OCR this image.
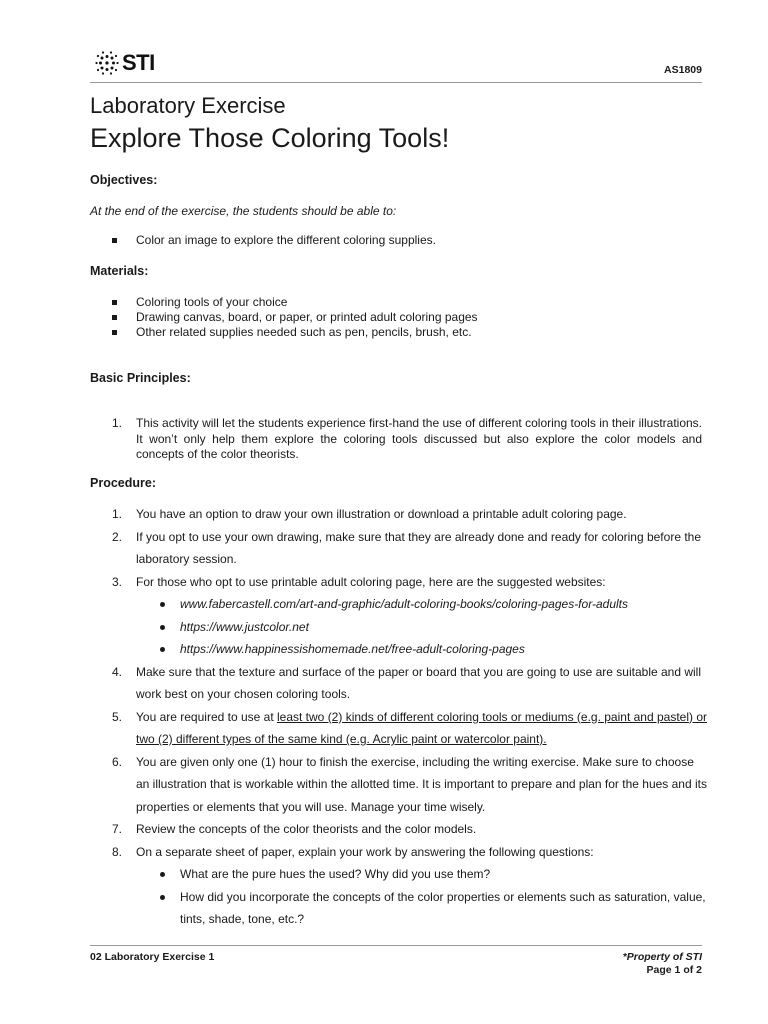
STI	AS1809
Laboratory Exercise
Explore Those Coloring Tools!
Objectives:
At the end of the exercise, the students should be able to:
Color an image to explore the different coloring supplies.
Materials:
Coloring tools of your choice
Drawing canvas, board, or paper, or printed adult coloring pages
Other related supplies needed such as pen, pencils, brush, etc.
Basic Principles:
1. This activity will let the students experience first-hand the use of different coloring tools in their illustrations. It won’t only help them explore the coloring tools discussed but also explore the color models and concepts of the color theorists.
Procedure:
1. You have an option to draw your own illustration or download a printable adult coloring page.
2. If you opt to use your own drawing, make sure that they are already done and ready for coloring before the laboratory session.
3. For those who opt to use printable adult coloring page, here are the suggested websites:
www.fabercastell.com/art-and-graphic/adult-coloring-books/coloring-pages-for-adults
https://www.justcolor.net
https://www.happinessishomemade.net/free-adult-coloring-pages
4. Make sure that the texture and surface of the paper or board that you are going to use are suitable and will work best on your chosen coloring tools.
5. You are required to use at least two (2) kinds of different coloring tools or mediums (e.g. paint and pastel) or two (2) different types of the same kind (e.g. Acrylic paint or watercolor paint).
6. You are given only one (1) hour to finish the exercise, including the writing exercise. Make sure to choose an illustration that is workable within the allotted time. It is important to prepare and plan for the hues and its properties or elements that you will use. Manage your time wisely.
7. Review the concepts of the color theorists and the color models.
8. On a separate sheet of paper, explain your work by answering the following questions:
What are the pure hues the used? Why did you use them?
How did you incorporate the concepts of the color properties or elements such as saturation, value, tints, shade, tone, etc.?
02 Laboratory Exercise 1	*Property of STI
Page 1 of 2
